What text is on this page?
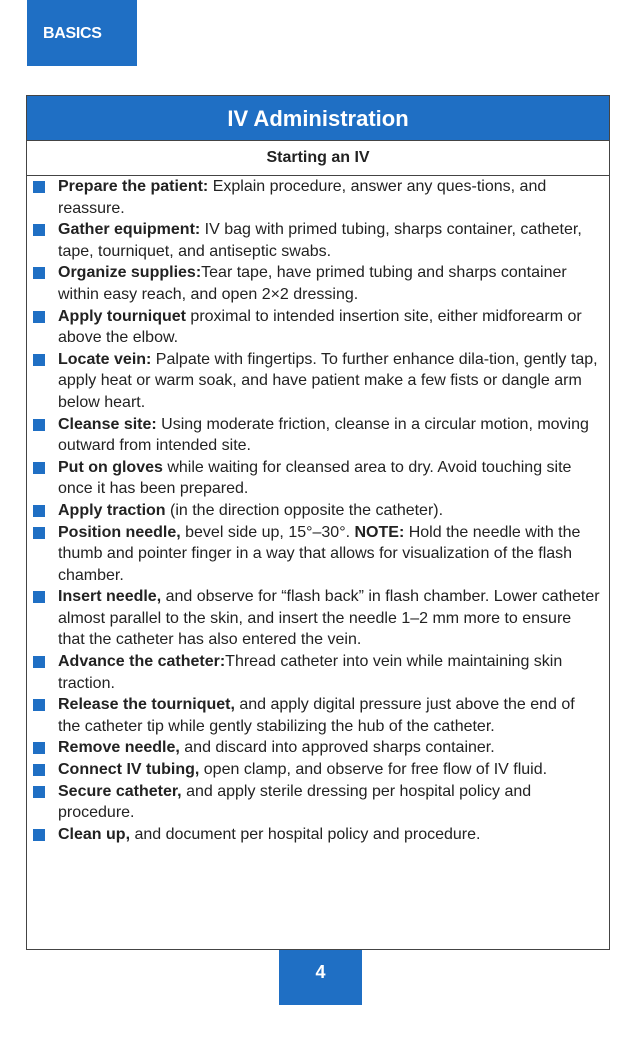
BASICS
IV Administration
Starting an IV
Prepare the patient: Explain procedure, answer any ques-tions, and reassure.
Gather equipment: IV bag with primed tubing, sharps container, catheter, tape, tourniquet, and antiseptic swabs.
Organize supplies:Tear tape, have primed tubing and sharps container within easy reach, and open 2×2 dressing.
Apply tourniquet proximal to intended insertion site, either midforearm or above the elbow.
Locate vein: Palpate with fingertips. To further enhance dila-tion, gently tap, apply heat or warm soak, and have patient make a few fists or dangle arm below heart.
Cleanse site: Using moderate friction, cleanse in a circular motion, moving outward from intended site.
Put on gloves while waiting for cleansed area to dry. Avoid touching site once it has been prepared.
Apply traction (in the direction opposite the catheter).
Position needle, bevel side up, 15°–30°. NOTE: Hold the needle with the thumb and pointer finger in a way that allows for visualization of the flash chamber.
Insert needle, and observe for “flash back” in flash chamber. Lower catheter almost parallel to the skin, and insert the needle 1–2 mm more to ensure that the catheter has also entered the vein.
Advance the catheter:Thread catheter into vein while maintaining skin traction.
Release the tourniquet, and apply digital pressure just above the end of the catheter tip while gently stabilizing the hub of the catheter.
Remove needle, and discard into approved sharps container.
Connect IV tubing, open clamp, and observe for free flow of IV fluid.
Secure catheter, and apply sterile dressing per hospital policy and procedure.
Clean up, and document per hospital policy and procedure.
4
